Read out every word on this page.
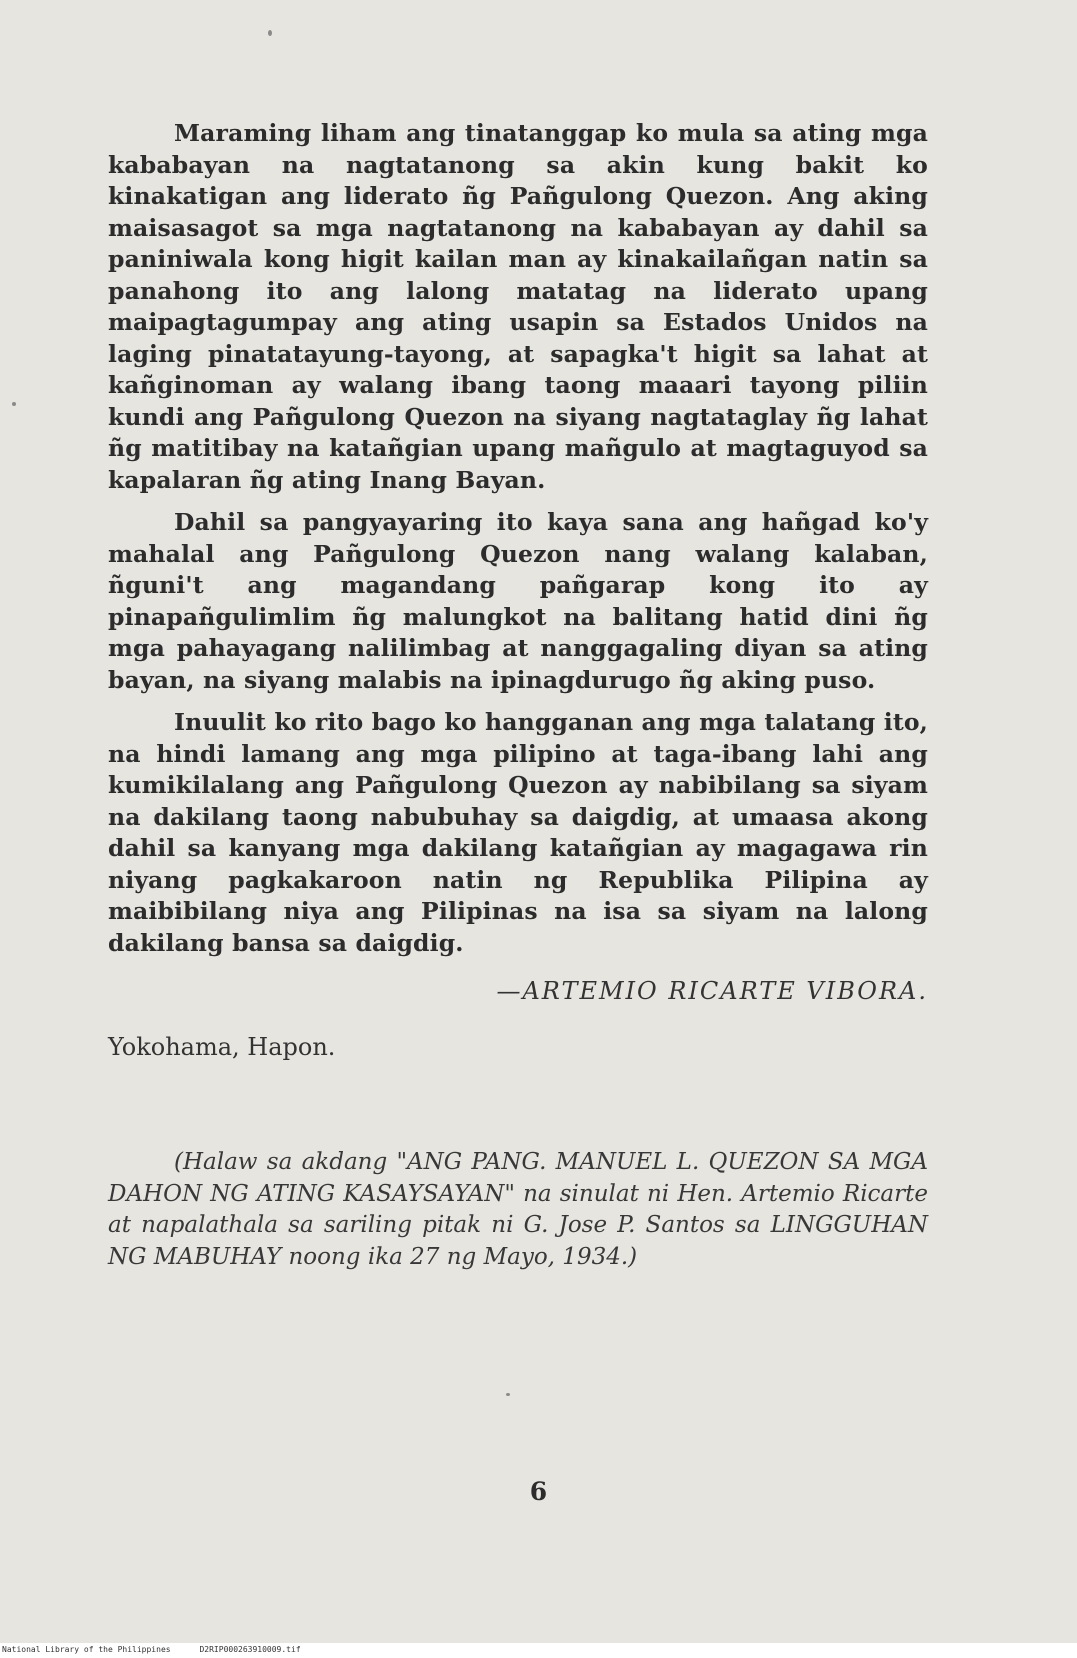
Maraming liham ang tinatanggap ko mula sa ating mga kababayan na nagtatanong sa akin kung bakit ko kinakatigan ang liderato ñg Pañgulong Quezon. Ang aking maisasagot sa mga nagtatanong na kababayan ay dahil sa paniniwala kong higit kailan man ay kinakailañgan natin sa panahong ito ang lalong matatag na liderato upang maipagtagumpay ang ating usapin sa Estados Unidos na laging pinatatayung-tayong, at sapagka't higit sa lahat at kañginoman ay walang ibang taong maaari tayong piliin kundi ang Pañgulong Quezon na siyang nagtataglay ñg lahat ñg matitibay na katañgian upang mañgulo at magtaguyod sa kapalaran ñg ating Inang Bayan.

Dahil sa pangyayaring ito kaya sana ang hañgad ko'y mahalal ang Pañgulong Quezon nang walang kalaban, ñguni't ang magandang pañgarap kong ito ay pinapañgulimlim ñg malungkot na balitang hatid dini ñg mga pahayagang nalilimbag at nanggagaling diyan sa ating bayan, na siyang malabis na ipinagdurugo ñg aking puso.

Inuulit ko rito bago ko hangganan ang mga talatang ito, na hindi lamang ang mga pilipino at taga-ibang lahi ang kumikilalang ang Pañgulong Quezon ay nabibilang sa siyam na dakilang taong nabubuhay sa daigdig, at umaasa akong dahil sa kanyang mga dakilang katañgian ay magagawa rin niyang pagkakaroon natin ng Republika Pilipina ay maibibilang niya ang Pilipinas na isa sa siyam na lalong dakilang bansa sa daigdig.

—ARTEMIO RICARTE VIBORA.

Yokohama, Hapon.

(Halaw sa akdang "ANG PANG. MANUEL L. QUEZON SA MGA DAHON NG ATING KASAYSAYAN" na sinulat ni Hen. Artemio Ricarte at napalathala sa sariling pitak ni G. Jose P. Santos sa LINGGUHAN NG MABUHAY noong ika 27 ng Mayo, 1934.)

6
National Library of the Philippines	D2RIP000263910009.tif
